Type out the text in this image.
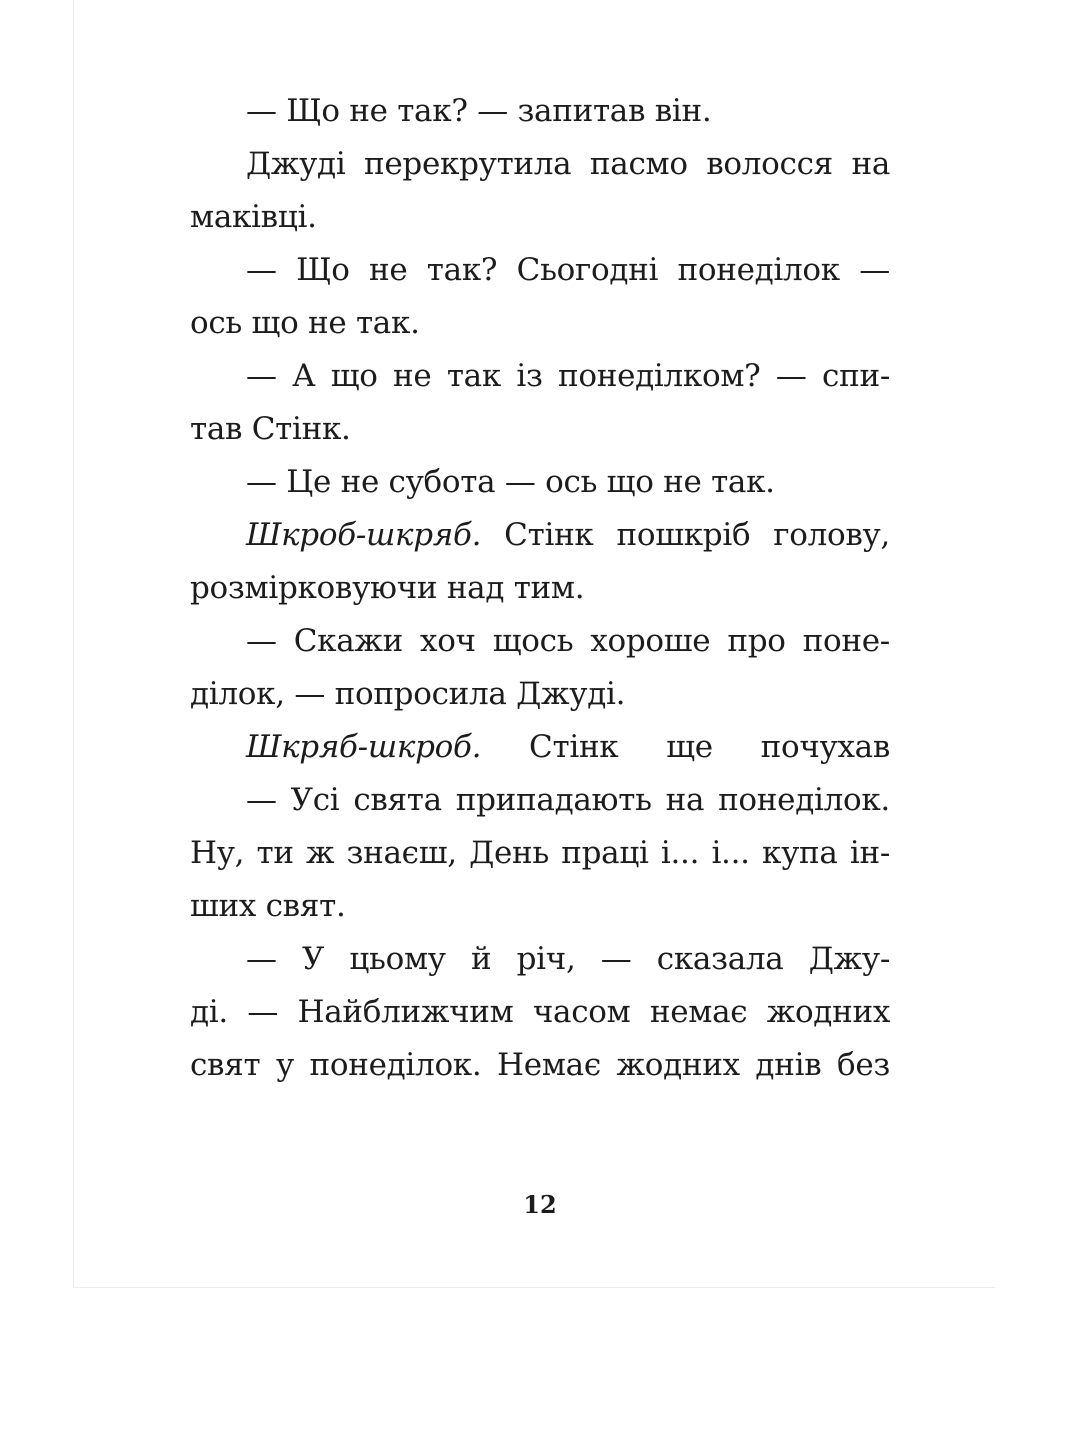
— Що не так? — запитав він.
Джуді перекрутила пасмо волосся на
маківці.
— Що не так? Сьогодні понеділок —
ось що не так.
— А що не так із понеділком? — спи-
тав Стінк.
— Це не субота — ось що не так.
Шкроб-шкряб. Стінк пошкріб голову,
розмірковуючи над тим.
— Скажи хоч щось хороше про поне-
ділок, — попросила Джуді.
Шкряб-шкроб. Стінк ще почухав
— Усі свята припадають на понеділок.
Ну, ти ж знаєш, День праці і... і... купа ін-
ших свят.
— У цьому й річ, — сказала Джу-
ді. — Найближчим часом немає жодних
свят у понеділок. Немає жодних днів без
12
